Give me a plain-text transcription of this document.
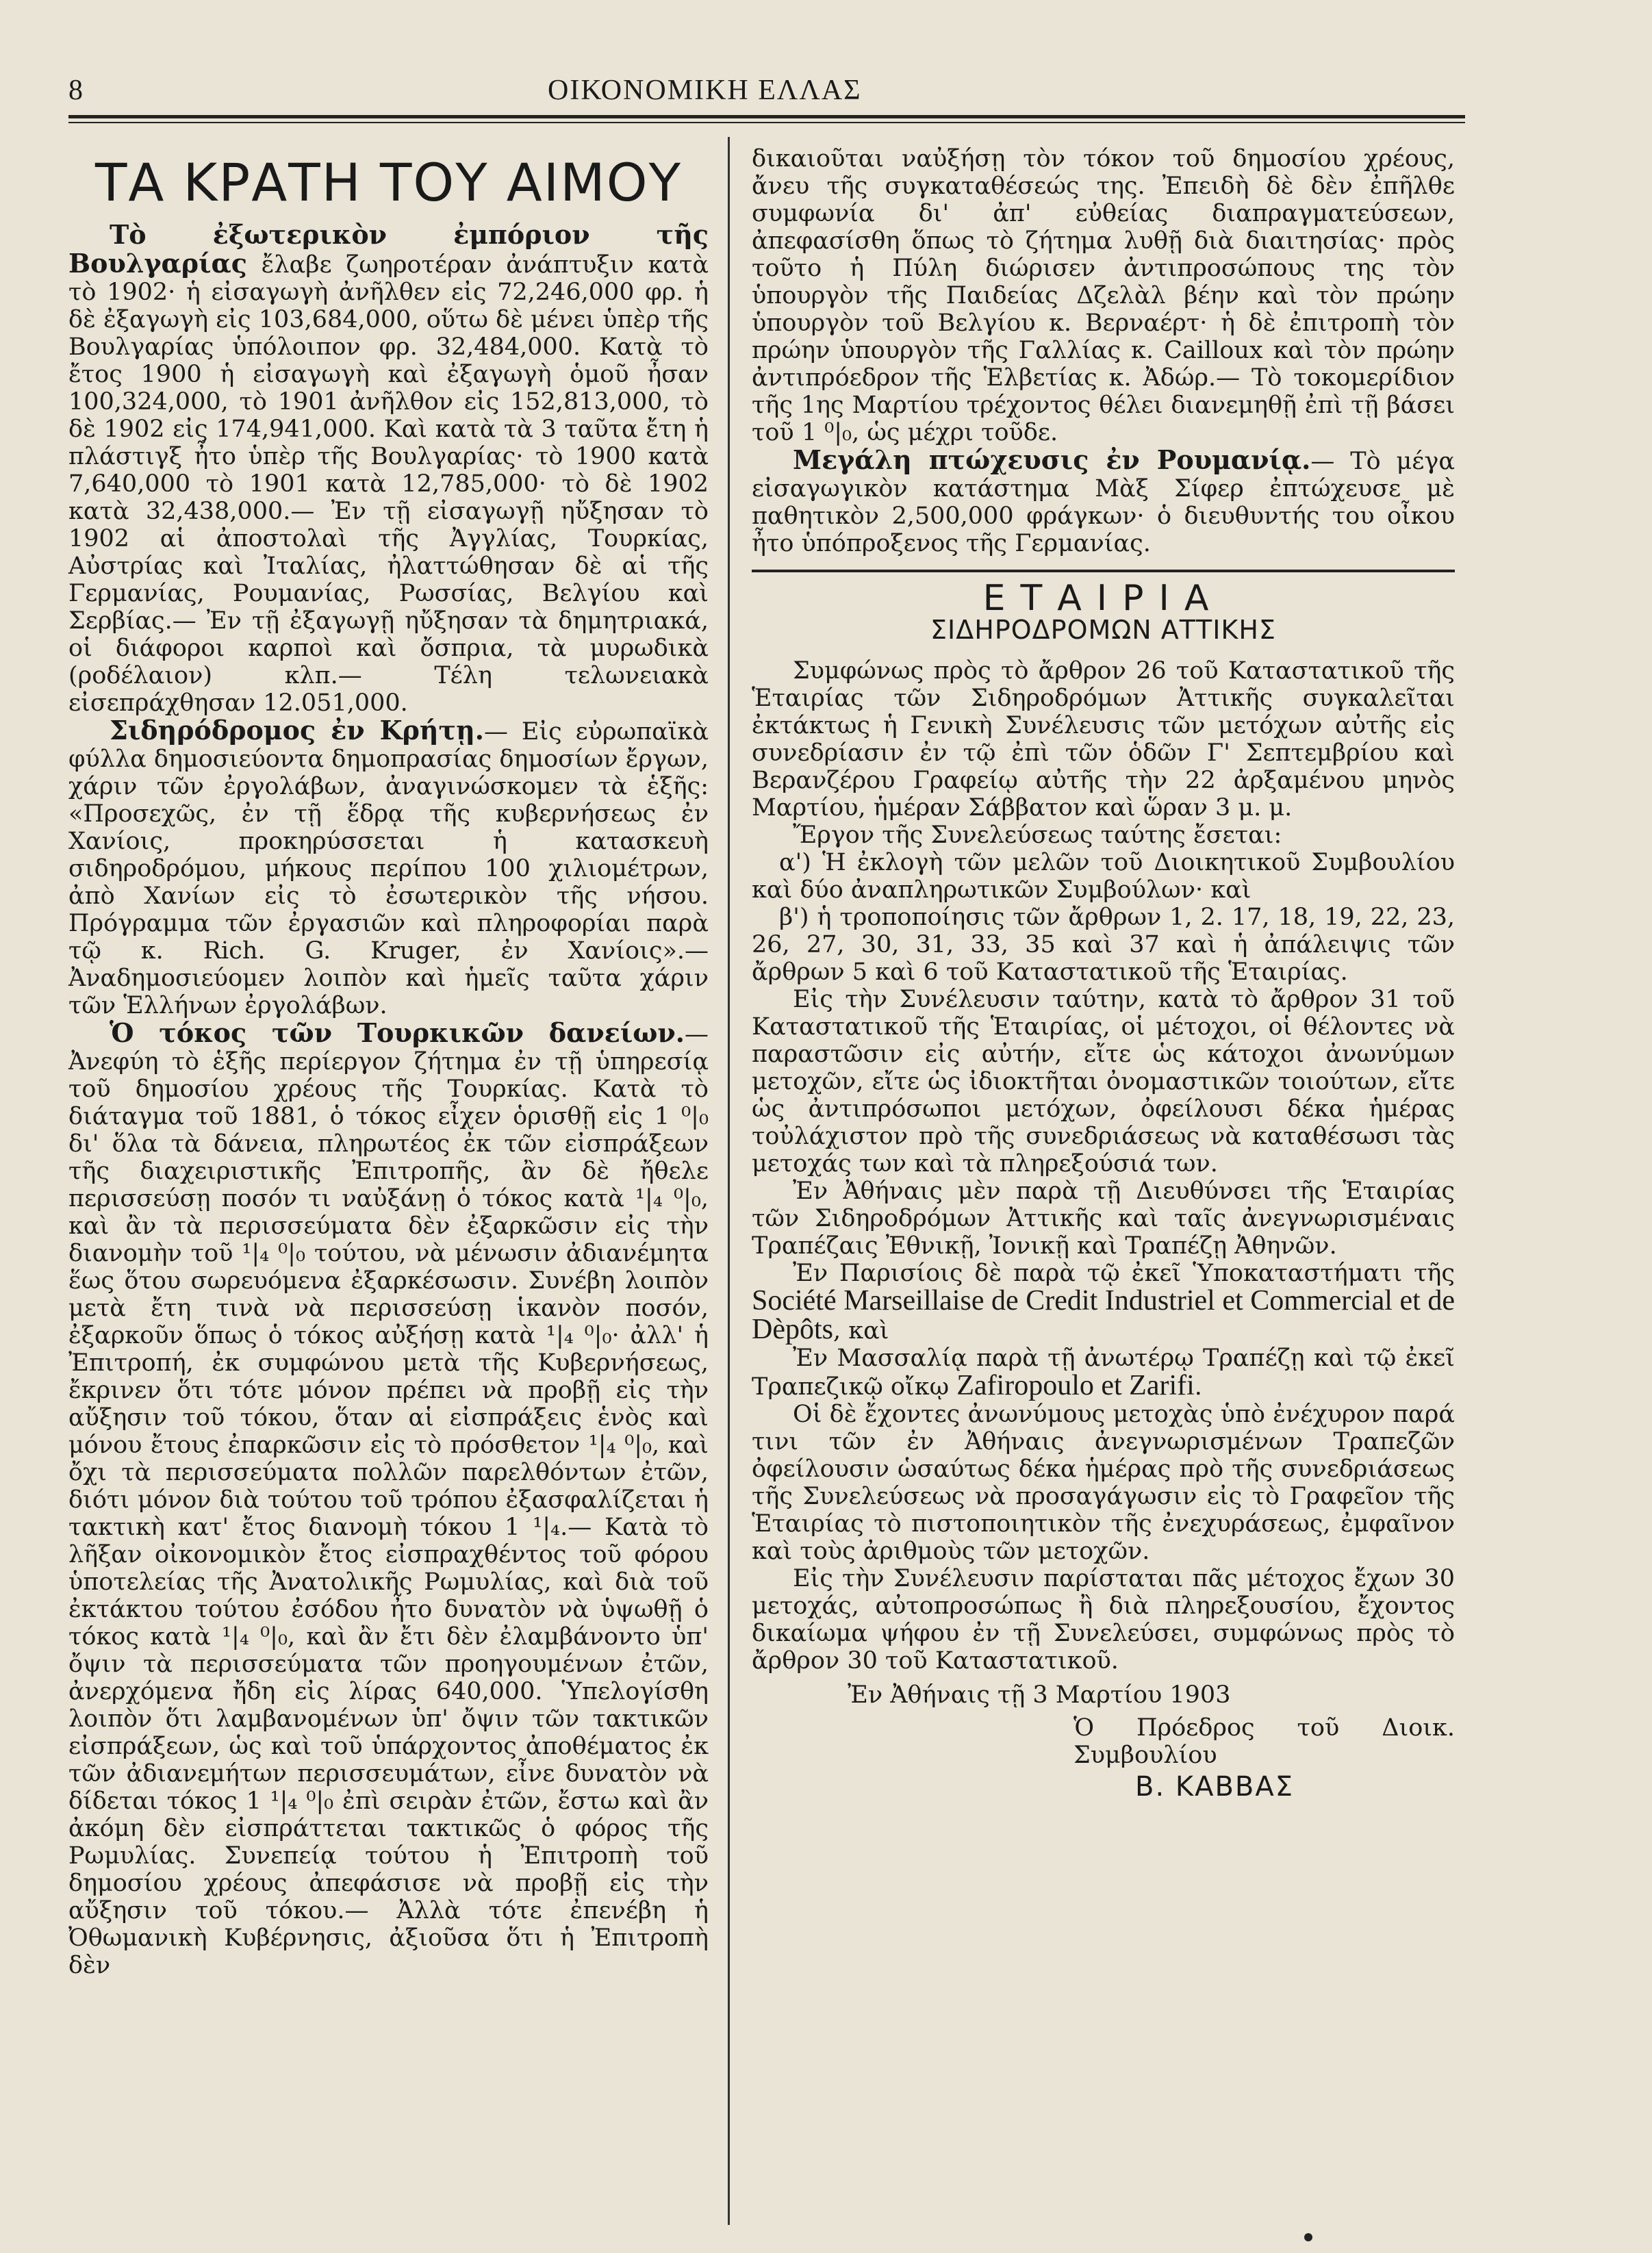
8	ΟΙΚΟΝΟΜΙΚΗ ΕΛΛΑΣ
ΤΑ ΚΡΑΤΗ ΤΟΥ ΑΙΜΟΥ

Τὸ ἐξωτερικὸν ἐμπόριον τῆς Βουλγαρίας ἔλαβε ζωηροτέραν ἀνάπτυξιν κατὰ τὸ 1902· ἡ εἰσαγωγὴ ἀνῆλθεν εἰς 72,246,000 φρ. ἡ δὲ ἐξαγωγὴ εἰς 103,684,000, οὕτω δὲ μένει ὑπὲρ τῆς Βουλγαρίας ὑπόλοιπον φρ. 32,484,000. Κατὰ τὸ ἔτος 1900 ἡ εἰσαγωγὴ καὶ ἐξαγωγὴ ὁμοῦ ἦσαν 100,324,000, τὸ 1901 ἀνῆλθον εἰς 152,813,000, τὸ δὲ 1902 εἰς 174,941,000. Καὶ κατὰ τὰ 3 ταῦτα ἔτη ἡ πλάστιγξ ἦτο ὑπὲρ τῆς Βουλγαρίας· τὸ 1900 κατὰ 7,640,000 τὸ 1901 κατὰ 12,785,000· τὸ δὲ 1902 κατὰ 32,438,000.— Ἐν τῇ εἰσαγωγῇ ηὔξησαν τὸ 1902 αἱ ἀποστολαὶ τῆς Ἀγγλίας, Τουρκίας, Αὐστρίας καὶ Ἰταλίας, ἠλαττώθησαν δὲ αἱ τῆς Γερμανίας, Ρουμανίας, Ρωσσίας, Βελγίου καὶ Σερβίας.— Ἐν τῇ ἐξαγωγῇ ηὔξησαν τὰ δημητριακά, οἱ διάφοροι καρποὶ καὶ ὄσπρια, τὰ μυρωδικὰ (ροδέλαιον) κλπ.— Τέλη τελωνειακὰ εἰσεπράχθησαν 12.051,000.

Σιδηρόδρομος ἐν Κρήτῃ.— Εἰς εὐρωπαϊκὰ φύλλα δημοσιεύοντα δημοπρασίας δημοσίων ἔργων, χάριν τῶν ἐργολάβων, ἀναγινώσκομεν τὰ ἑξῆς: «Προσεχῶς, ἐν τῇ ἕδρᾳ τῆς κυβερνήσεως ἐν Χανίοις, προκηρύσσεται ἡ κατασκευὴ σιδηροδρόμου, μήκους περίπου 100 χιλιομέτρων, ἀπὸ Χανίων εἰς τὸ ἐσωτερικὸν τῆς νήσου. Πρόγραμμα τῶν ἐργασιῶν καὶ πληροφορίαι παρὰ τῷ κ. Rich. G. Kruger, ἐν Χανίοις».— Ἀναδημοσιεύομεν λοιπὸν καὶ ἡμεῖς ταῦτα χάριν τῶν Ἑλλήνων ἐργολάβων.

Ὁ τόκος τῶν Τουρκικῶν δανείων.— Ἀνεφύη τὸ ἑξῆς περίεργον ζήτημα ἐν τῇ ὑπηρεσίᾳ τοῦ δημοσίου χρέους τῆς Τουρκίας. Κατὰ τὸ διάταγμα τοῦ 1881, ὁ τόκος εἶχεν ὁρισθῇ εἰς 1 ⁰|₀ δι' ὅλα τὰ δάνεια, πληρωτέος ἐκ τῶν εἰσπράξεων τῆς διαχειριστικῆς Ἐπιτροπῆς, ἂν δὲ ἤθελε περισσεύσῃ ποσόν τι ναὐξάνῃ ὁ τόκος κατὰ ¹|₄ ⁰|₀, καὶ ἂν τὰ περισσεύματα δὲν ἐξαρκῶσιν εἰς τὴν διανομὴν τοῦ ¹|₄ ⁰|₀ τούτου, νὰ μένωσιν ἀδιανέμητα ἕως ὅτου σωρευόμενα ἐξαρκέσωσιν. Συνέβη λοιπὸν μετὰ ἔτη τινὰ νὰ περισσεύσῃ ἱκανὸν ποσόν, ἐξαρκοῦν ὅπως ὁ τόκος αὐξήσῃ κατὰ ¹|₄ ⁰|₀· ἀλλ' ἡ Ἐπιτροπή, ἐκ συμφώνου μετὰ τῆς Κυβερνήσεως, ἔκρινεν ὅτι τότε μόνον πρέπει νὰ προβῇ εἰς τὴν αὔξησιν τοῦ τόκου, ὅταν αἱ εἰσπράξεις ἑνὸς καὶ μόνου ἔτους ἐπαρκῶσιν εἰς τὸ πρόσθετον ¹|₄ ⁰|₀, καὶ ὄχι τὰ περισσεύματα πολλῶν παρελθόντων ἐτῶν, διότι μόνον διὰ τούτου τοῦ τρόπου ἐξασφαλίζεται ἡ τακτικὴ κατ' ἔτος διανομὴ τόκου 1 ¹|₄.— Κατὰ τὸ λῆξαν οἰκονομικὸν ἔτος εἰσπραχθέντος τοῦ φόρου ὑποτελείας τῆς Ἀνατολικῆς Ρωμυλίας, καὶ διὰ τοῦ ἐκτάκτου τούτου ἐσόδου ἦτο δυνατὸν νὰ ὑψωθῇ ὁ τόκος κατὰ ¹|₄ ⁰|₀, καὶ ἂν ἔτι δὲν ἐλαμβάνοντο ὑπ' ὄψιν τὰ περισσεύματα τῶν προηγουμένων ἐτῶν, ἀνερχόμενα ἤδη εἰς λίρας 640,000. Ὑπελογίσθη λοιπὸν ὅτι λαμβανομένων ὑπ' ὄψιν τῶν τακτικῶν εἰσπράξεων, ὡς καὶ τοῦ ὑπάρχοντος ἀποθέματος ἐκ τῶν ἀδιανεμήτων περισσευμάτων, εἶνε δυνατὸν νὰ δίδεται τόκος 1 ¹|₄ ⁰|₀ ἐπὶ σειρὰν ἐτῶν, ἔστω καὶ ἂν ἀκόμη δὲν εἰσπράττεται τακτικῶς ὁ φόρος τῆς Ρωμυλίας. Συνεπείᾳ τούτου ἡ Ἐπιτροπὴ τοῦ δημοσίου χρέους ἀπεφάσισε νὰ προβῇ εἰς τὴν αὔξησιν τοῦ τόκου.— Ἀλλὰ τότε ἐπενέβη ἡ Ὀθωμανικὴ Κυβέρνησις, ἀξιοῦσα ὅτι ἡ Ἐπιτροπὴ δὲν

δικαιοῦται ναὐξήσῃ τὸν τόκον τοῦ δημοσίου χρέους, ἄνευ τῆς συγκαταθέσεώς της. Ἐπειδὴ δὲ δὲν ἐπῆλθε συμφωνία δι' ἀπ' εὐθείας διαπραγματεύσεων, ἀπεφασίσθη ὅπως τὸ ζήτημα λυθῇ διὰ διαιτησίας· πρὸς τοῦτο ἡ Πύλη διώρισεν ἀντιπροσώπους της τὸν ὑπουργὸν τῆς Παιδείας Δζελὰλ βέην καὶ τὸν πρώην ὑπουργὸν τοῦ Βελγίου κ. Βερναέρτ· ἡ δὲ ἐπιτροπὴ τὸν πρώην ὑπουργὸν τῆς Γαλλίας κ. Cailloux καὶ τὸν πρώην ἀντιπρόεδρον τῆς Ἑλβετίας κ. Ἀδώρ.— Τὸ τοκομερίδιον τῆς 1ης Μαρτίου τρέχοντος θέλει διανεμηθῇ ἐπὶ τῇ βάσει τοῦ 1 ⁰|₀, ὡς μέχρι τοῦδε.

Μεγάλη πτώχευσις ἐν Ρουμανίᾳ.— Τὸ μέγα εἰσαγωγικὸν κατάστημα Μὰξ Σίφερ ἐπτώχευσε μὲ παθητικὸν 2,500,000 φράγκων· ὁ διευθυντής του οἶκου ἦτο ὑπόπροξενος τῆς Γερμανίας.

ΕΤΑΙΡΙΑ
ΣΙΔΗΡΟΔΡΟΜΩΝ ΑΤΤΙΚΗΣ

Συμφώνως πρὸς τὸ ἄρθρον 26 τοῦ Καταστατικοῦ τῆς Ἑταιρίας τῶν Σιδηροδρόμων Ἀττικῆς συγκαλεῖται ἐκτάκτως ἡ Γενικὴ Συνέλευσις τῶν μετόχων αὐτῆς εἰς συνεδρίασιν ἐν τῷ ἐπὶ τῶν ὁδῶν Γ' Σεπτεμβρίου καὶ Βερανζέρου Γραφείῳ αὐτῆς τὴν 22 ἀρξαμένου μηνὸς Μαρτίου, ἡμέραν Σάββατον καὶ ὥραν 3 μ. μ.

Ἔργον τῆς Συνελεύσεως ταύτης ἔσεται:

α') Ἡ ἐκλογὴ τῶν μελῶν τοῦ Διοικητικοῦ Συμβουλίου καὶ δύο ἀναπληρωτικῶν Συμβούλων· καὶ

β') ἡ τροποποίησις τῶν ἄρθρων 1, 2. 17, 18, 19, 22, 23, 26, 27, 30, 31, 33, 35 καὶ 37 καὶ ἡ ἀπάλειψις τῶν ἄρθρων 5 καὶ 6 τοῦ Καταστατικοῦ τῆς Ἑταιρίας.

Εἰς τὴν Συνέλευσιν ταύτην, κατὰ τὸ ἄρθρον 31 τοῦ Καταστατικοῦ τῆς Ἑταιρίας, οἱ μέτοχοι, οἱ θέλοντες νὰ παραστῶσιν εἰς αὐτήν, εἴτε ὡς κάτοχοι ἀνωνύμων μετοχῶν, εἴτε ὡς ἰδιοκτῆται ὀνομαστικῶν τοιούτων, εἴτε ὡς ἀντιπρόσωποι μετόχων, ὀφείλουσι δέκα ἡμέρας τοὐλάχιστον πρὸ τῆς συνεδριάσεως νὰ καταθέσωσι τὰς μετοχάς των καὶ τὰ πληρεξούσιά των.

Ἐν Ἀθήναις μὲν παρὰ τῇ Διευθύνσει τῆς Ἑταιρίας τῶν Σιδηροδρόμων Ἀττικῆς καὶ ταῖς ἀνεγνωρισμέναις Τραπέζαις Ἐθνικῇ, Ἰονικῇ καὶ Τραπέζῃ Ἀθηνῶν.

Ἐν Παρισίοις δὲ παρὰ τῷ ἐκεῖ Ὑποκαταστήματι τῆς Société Marseillaise de Credit Industriel et Commercial et de Dèpôts, καὶ

Ἐν Μασσαλίᾳ παρὰ τῇ ἀνωτέρῳ Τραπέζῃ καὶ τῷ ἐκεῖ Τραπεζικῷ οἴκῳ Zafiropoulo et Zarifi.

Οἱ δὲ ἔχοντες ἀνωνύμους μετοχὰς ὑπὸ ἐνέχυρον παρά τινι τῶν ἐν Ἀθήναις ἀνεγνωρισμένων Τραπεζῶν ὀφείλουσιν ὡσαύτως δέκα ἡμέρας πρὸ τῆς συνεδριάσεως τῆς Συνελεύσεως νὰ προσαγάγωσιν εἰς τὸ Γραφεῖον τῆς Ἑταιρίας τὸ πιστοποιητικὸν τῆς ἐνεχυράσεως, ἐμφαῖνον καὶ τοὺς ἀριθμοὺς τῶν μετοχῶν.

Εἰς τὴν Συνέλευσιν παρίσταται πᾶς μέτοχος ἔχων 30 μετοχάς, αὐτοπροσώπως ἢ διὰ πληρεξουσίου, ἔχοντος δικαίωμα ψήφου ἐν τῇ Συνελεύσει, συμφώνως πρὸς τὸ ἄρθρον 30 τοῦ Καταστατικοῦ.

Ἐν Ἀθήναις τῇ 3 Μαρτίου 1903

Ὁ Πρόεδρος τοῦ Διοικ. Συμβουλίου

Β. ΚΑΒΒΑΣ
